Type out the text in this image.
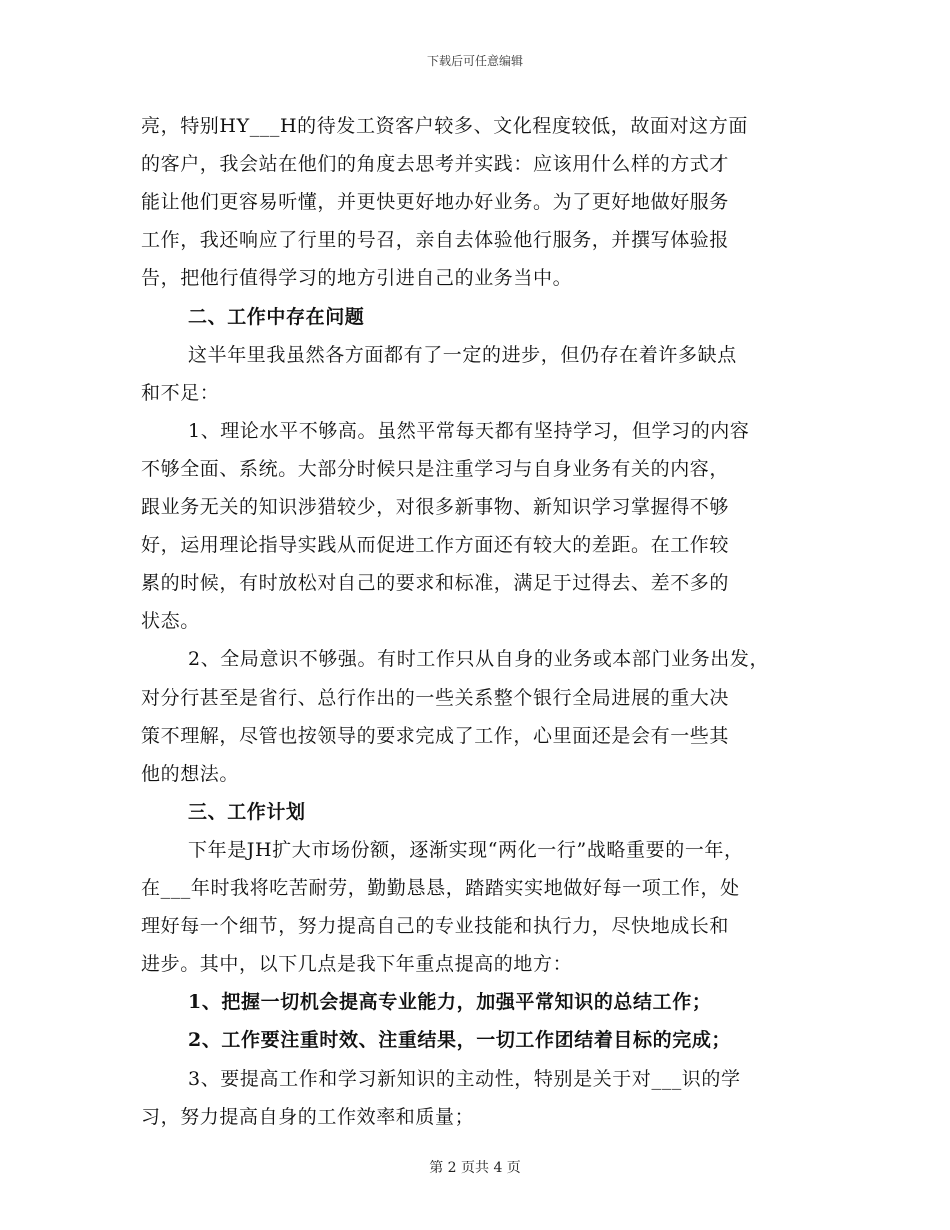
下载后可任意编辑
亮，特别HY___H的待发工资客户较多、文化程度较低，故面对这方面
的客户，我会站在他们的角度去思考并实践：应该用什么样的方式才
能让他们更容易听懂，并更快更好地办好业务。为了更好地做好服务
工作，我还响应了行里的号召，亲自去体验他行服务，并撰写体验报
告，把他行值得学习的地方引进自己的业务当中。
二、工作中存在问题
这半年里我虽然各方面都有了一定的进步，但仍存在着许多缺点
和不足：
1、理论水平不够高。虽然平常每天都有坚持学习，但学习的内容
不够全面、系统。大部分时候只是注重学习与自身业务有关的内容，
跟业务无关的知识涉猎较少，对很多新事物、新知识学习掌握得不够
好，运用理论指导实践从而促进工作方面还有较大的差距。在工作较
累的时候，有时放松对自己的要求和标准，满足于过得去、差不多的
状态。
2、全局意识不够强。有时工作只从自身的业务或本部门业务出发，
对分行甚至是省行、总行作出的一些关系整个银行全局进展的重大决
策不理解，尽管也按领导的要求完成了工作，心里面还是会有一些其
他的想法。
三、工作计划
下年是JH扩大市场份额，逐渐实现“两化一行”战略重要的一年，
在___年时我将吃苦耐劳，勤勤恳恳，踏踏实实地做好每一项工作，处
理好每一个细节，努力提高自己的专业技能和执行力，尽快地成长和
进步。其中，以下几点是我下年重点提高的地方：
1、把握一切机会提高专业能力，加强平常知识的总结工作；
2、工作要注重时效、注重结果，一切工作团结着目标的完成；
3、要提高工作和学习新知识的主动性，特别是关于对___识的学
习，努力提高自身的工作效率和质量；
第 2 页共 4 页
